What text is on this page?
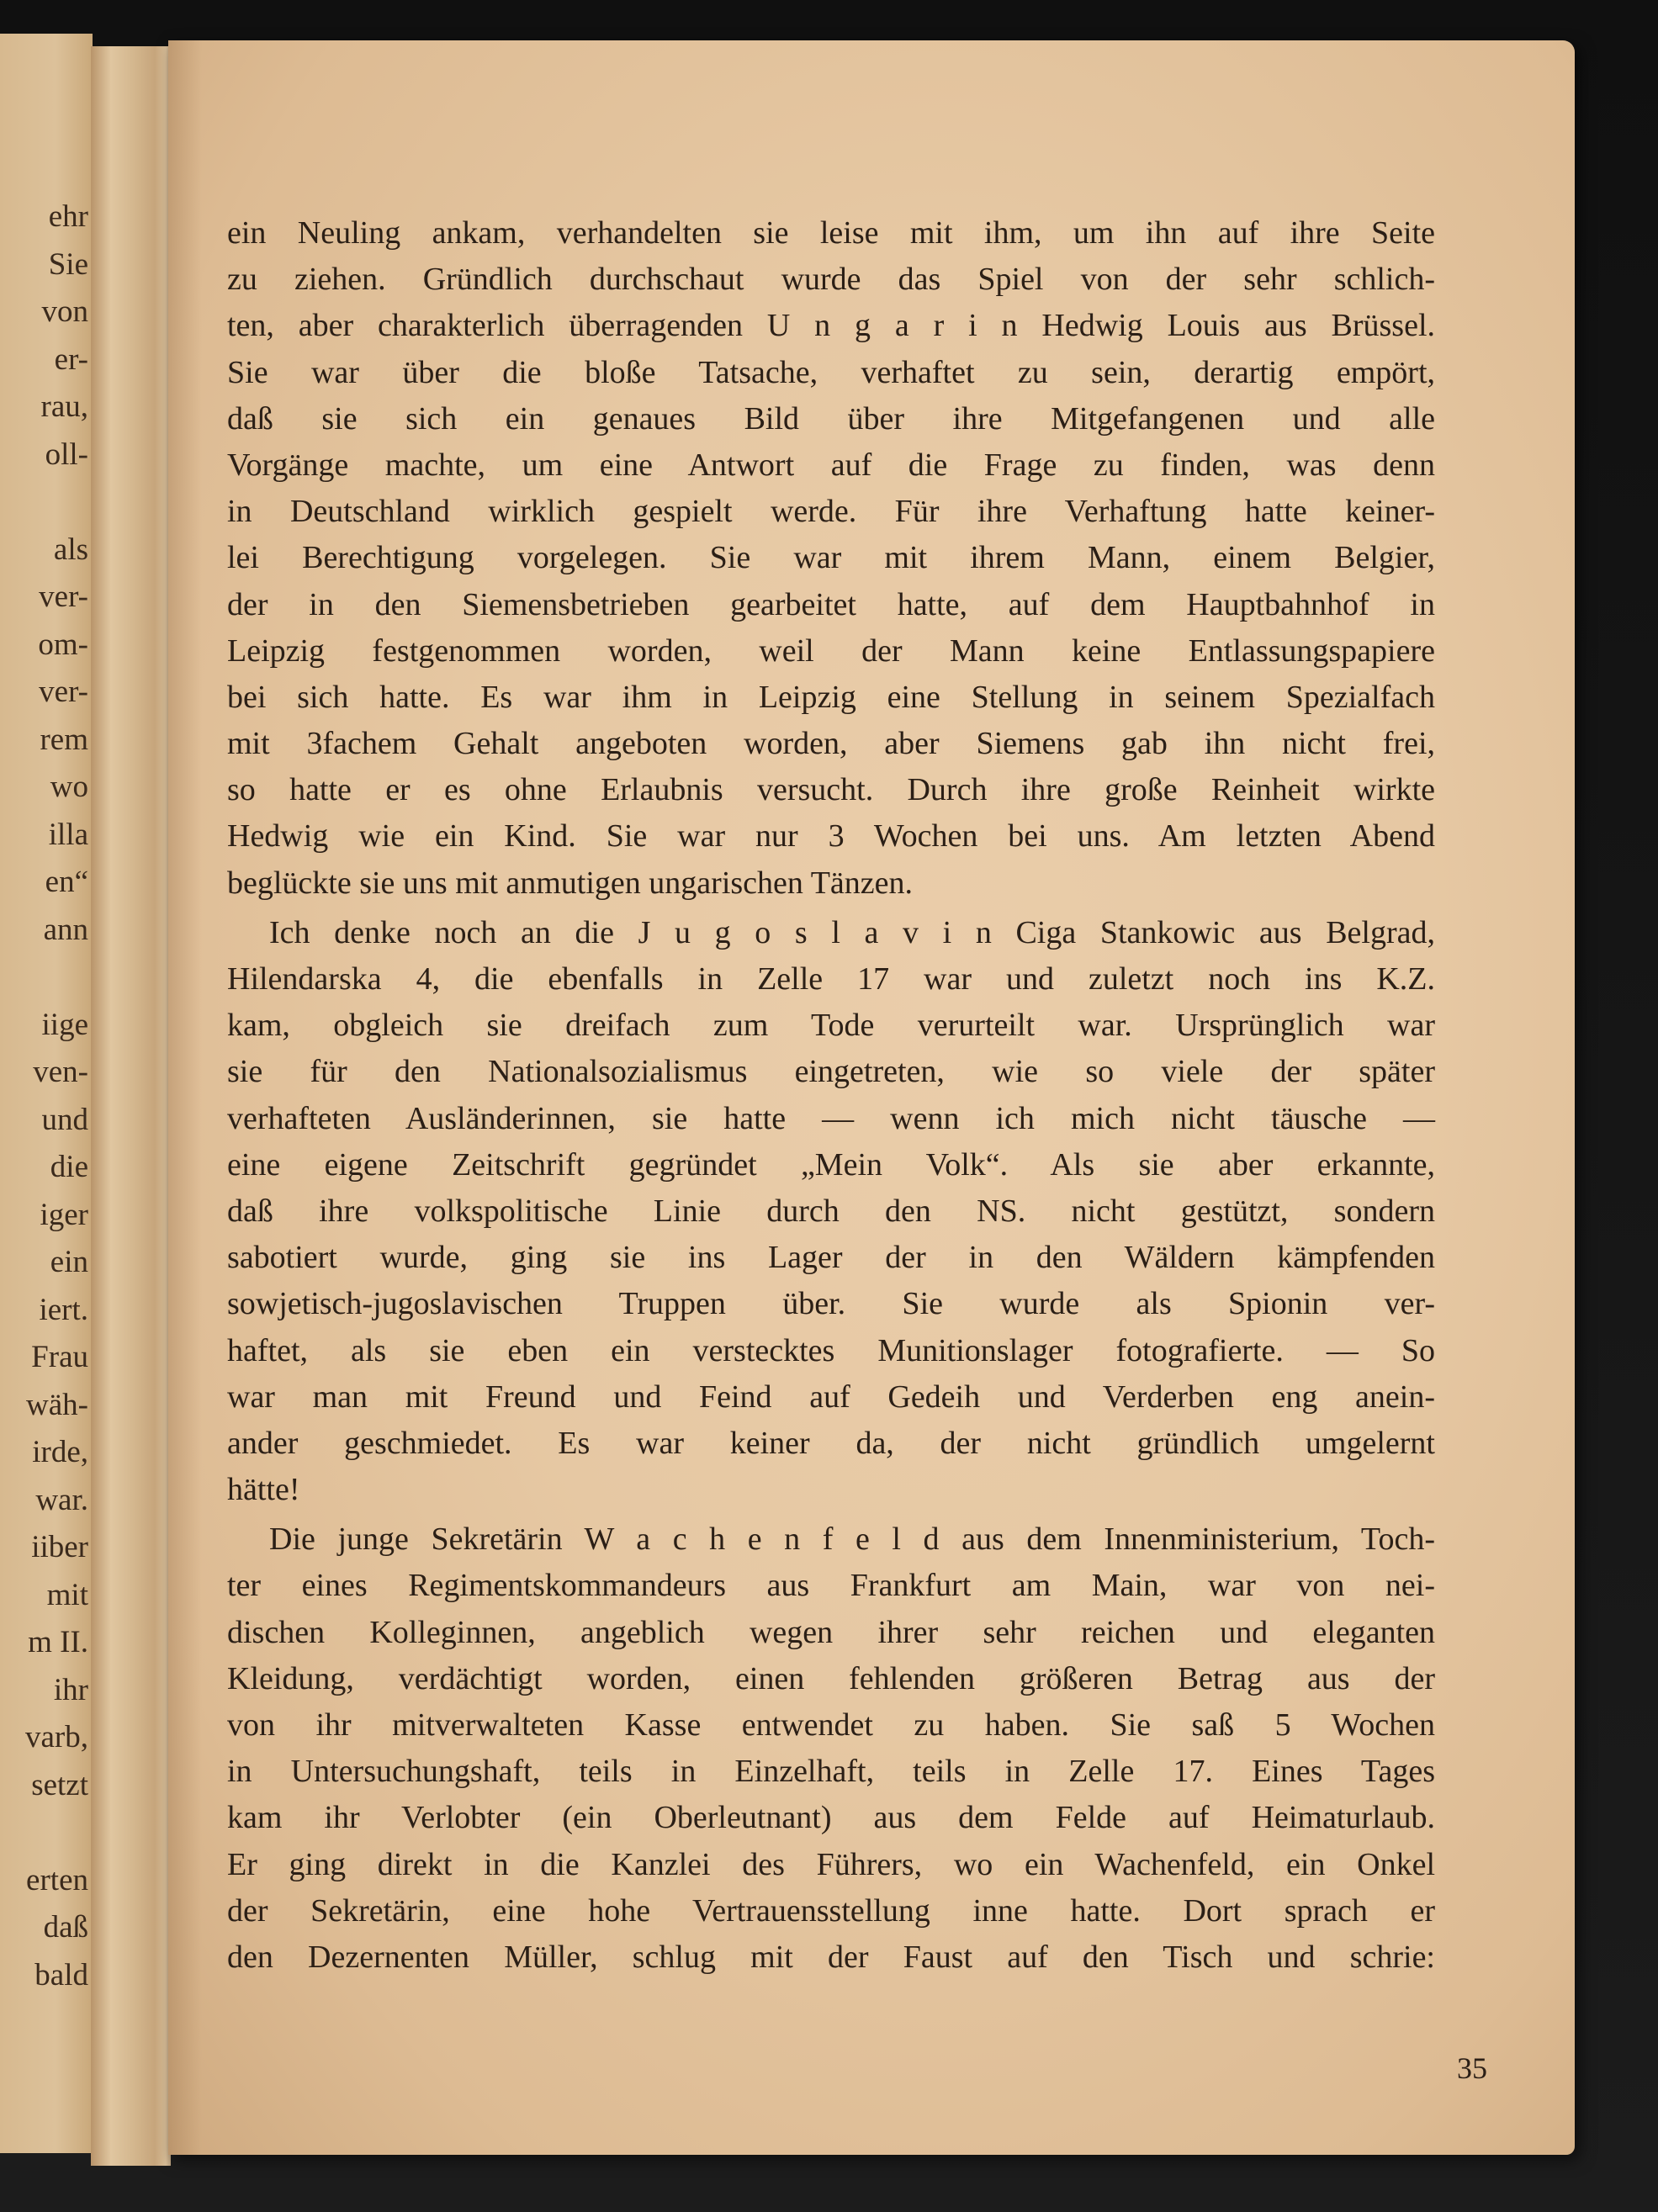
ehr
Sie
von
er-
rau,
oll-
als
ver-
om-
ver-
rem
wo
illa
en“
ann
iige
ven-
und
die
iger
ein
iert.
Frau
wäh-
irde,
war.
iiber
mit
m II.
ihr
varb,
setzt
erten
daß
bald
ein Neuling ankam, verhandelten sie leise mit ihm, um ihn auf ihre Seite
zu ziehen. Gründlich durchschaut wurde das Spiel von der sehr schlich-
ten, aber charakterlich überragenden U n g a r i n Hedwig Louis aus Brüssel.
Sie war über die bloße Tatsache, verhaftet zu sein, derartig empört,
daß sie sich ein genaues Bild über ihre Mitgefangenen und alle
Vorgänge machte, um eine Antwort auf die Frage zu finden, was denn
in Deutschland wirklich gespielt werde. Für ihre Verhaftung hatte keiner-
lei Berechtigung vorgelegen. Sie war mit ihrem Mann, einem Belgier,
der in den Siemensbetrieben gearbeitet hatte, auf dem Hauptbahnhof in
Leipzig festgenommen worden, weil der Mann keine Entlassungspapiere
bei sich hatte. Es war ihm in Leipzig eine Stellung in seinem Spezialfach
mit 3fachem Gehalt angeboten worden, aber Siemens gab ihn nicht frei,
so hatte er es ohne Erlaubnis versucht. Durch ihre große Reinheit wirkte
Hedwig wie ein Kind. Sie war nur 3 Wochen bei uns. Am letzten Abend
beglückte sie uns mit anmutigen ungarischen Tänzen.
Ich denke noch an die J u g o s l a v i n Ciga Stankowic aus Belgrad,
Hilendarska 4, die ebenfalls in Zelle 17 war und zuletzt noch ins K.Z.
kam, obgleich sie dreifach zum Tode verurteilt war. Ursprünglich war
sie für den Nationalsozialismus eingetreten, wie so viele der später
verhafteten Ausländerinnen, sie hatte — wenn ich mich nicht täusche —
eine eigene Zeitschrift gegründet „Mein Volk“. Als sie aber erkannte,
daß ihre volkspolitische Linie durch den NS. nicht gestützt, sondern
sabotiert wurde, ging sie ins Lager der in den Wäldern kämpfenden
sowjetisch-jugoslavischen Truppen über. Sie wurde als Spionin ver-
haftet, als sie eben ein verstecktes Munitionslager fotografierte. — So
war man mit Freund und Feind auf Gedeih und Verderben eng anein-
ander geschmiedet. Es war keiner da, der nicht gründlich umgelernt
hätte!
Die junge Sekretärin W a c h e n f e l d aus dem Innenministerium, Toch-
ter eines Regimentskommandeurs aus Frankfurt am Main, war von nei-
dischen Kolleginnen, angeblich wegen ihrer sehr reichen und eleganten
Kleidung, verdächtigt worden, einen fehlenden größeren Betrag aus der
von ihr mitverwalteten Kasse entwendet zu haben. Sie saß 5 Wochen
in Untersuchungshaft, teils in Einzelhaft, teils in Zelle 17. Eines Tages
kam ihr Verlobter (ein Oberleutnant) aus dem Felde auf Heimaturlaub.
Er ging direkt in die Kanzlei des Führers, wo ein Wachenfeld, ein Onkel
der Sekretärin, eine hohe Vertrauensstellung inne hatte. Dort sprach er
den Dezernenten Müller, schlug mit der Faust auf den Tisch und schrie:
35
